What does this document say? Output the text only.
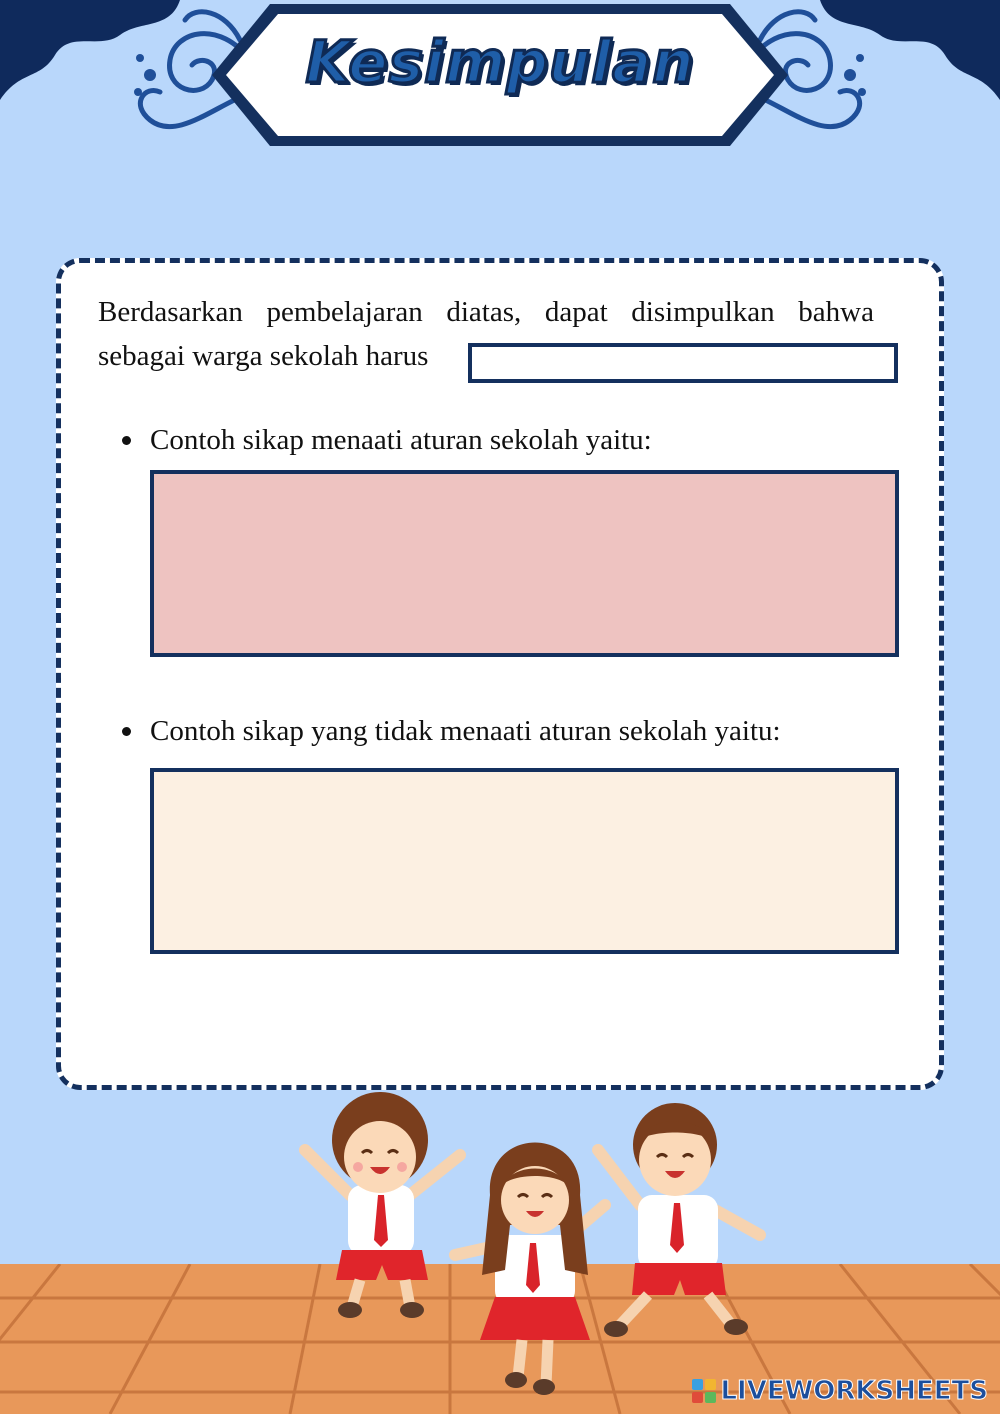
Kesimpulan
Berdasarkan pembelajaran diatas, dapat disimpulkan bahwa sebagai warga sekolah harus
Contoh sikap menaati aturan sekolah yaitu:
Contoh sikap yang tidak menaati aturan sekolah yaitu:
LIVEWORKSHEETS
